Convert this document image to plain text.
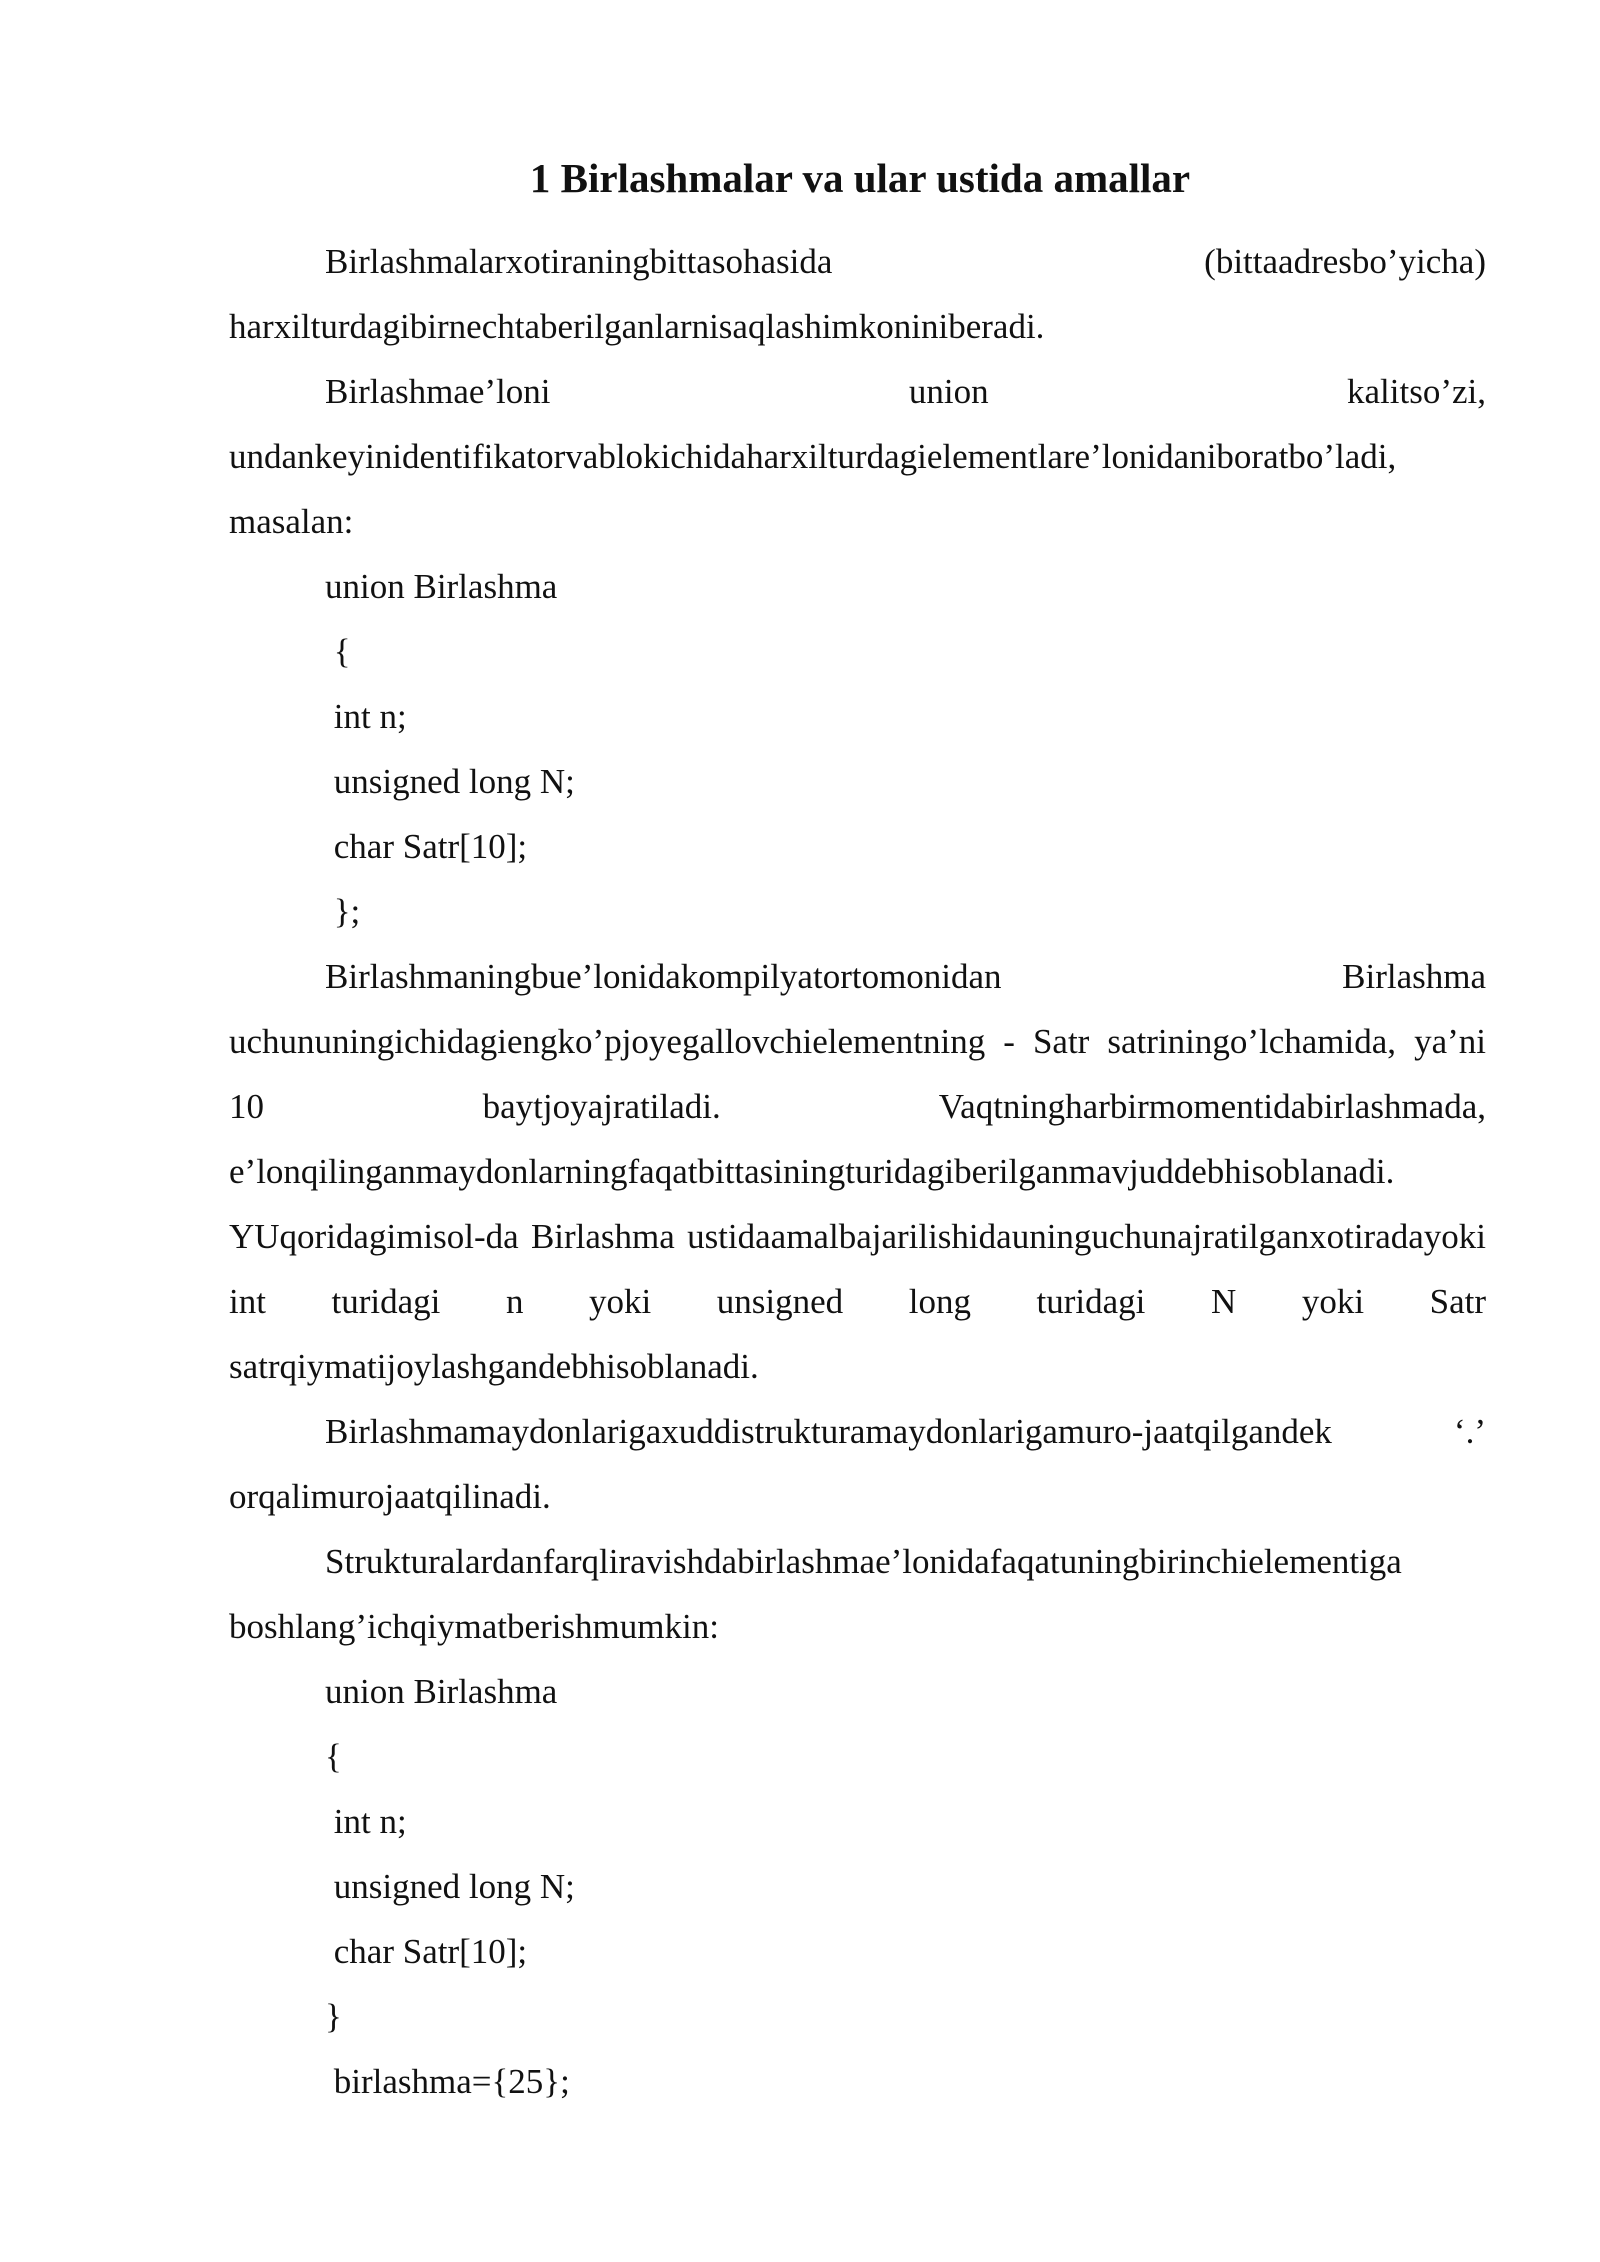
1 Birlashmalar va ular ustida amallar

Birlashmalarxotiraningbittasohasida (bittaadresbo’yicha) harxilturdagibirnechtaberilganlarnisaqlashimkoniniberadi.

Birlashmae’loni union kalitso’zi, undankeyinidentifikatorvablokichidaharxilturdagielementlare’lonidaniboratbo’ladi, masalan:

union Birlashma
{
int n;
unsigned long N;
char Satr[10];
};

Birlashmaningbue’lonidakompilyatortomonidan Birlashma uchununingichidagiengko’pjoyegallovchielementning - Satr satriningo’lchamida, ya’ni 10 baytjoyajratiladi. Vaqtningharbirmomentidabirlashmada, e’lonqilinganmaydonlarningfaqatbittasiningturidagiberilganmavjuddebhisoblanadi. YUqoridagimisol-da Birlashma ustidaamalbajarilishidauninguchunajratilganxotiradayoki int turidagi n yoki unsigned long turidagi N yoki Satr satrqiymatijoylashgandebhisoblanadi.

Birlashmamaydonlarigaxuddistrukturamaydonlarigamuro-jaatqilgandek ‘.’ orqalimurojaatqilinadi.

Strukturalardanfarqliravishdabirlashmae’lonidafaqatuningbirinchielementiga boshlang’ichqiymatberishmumkin:

union Birlashma
{
int n;
unsigned long N;
char Satr[10];
}
birlashma={25};
